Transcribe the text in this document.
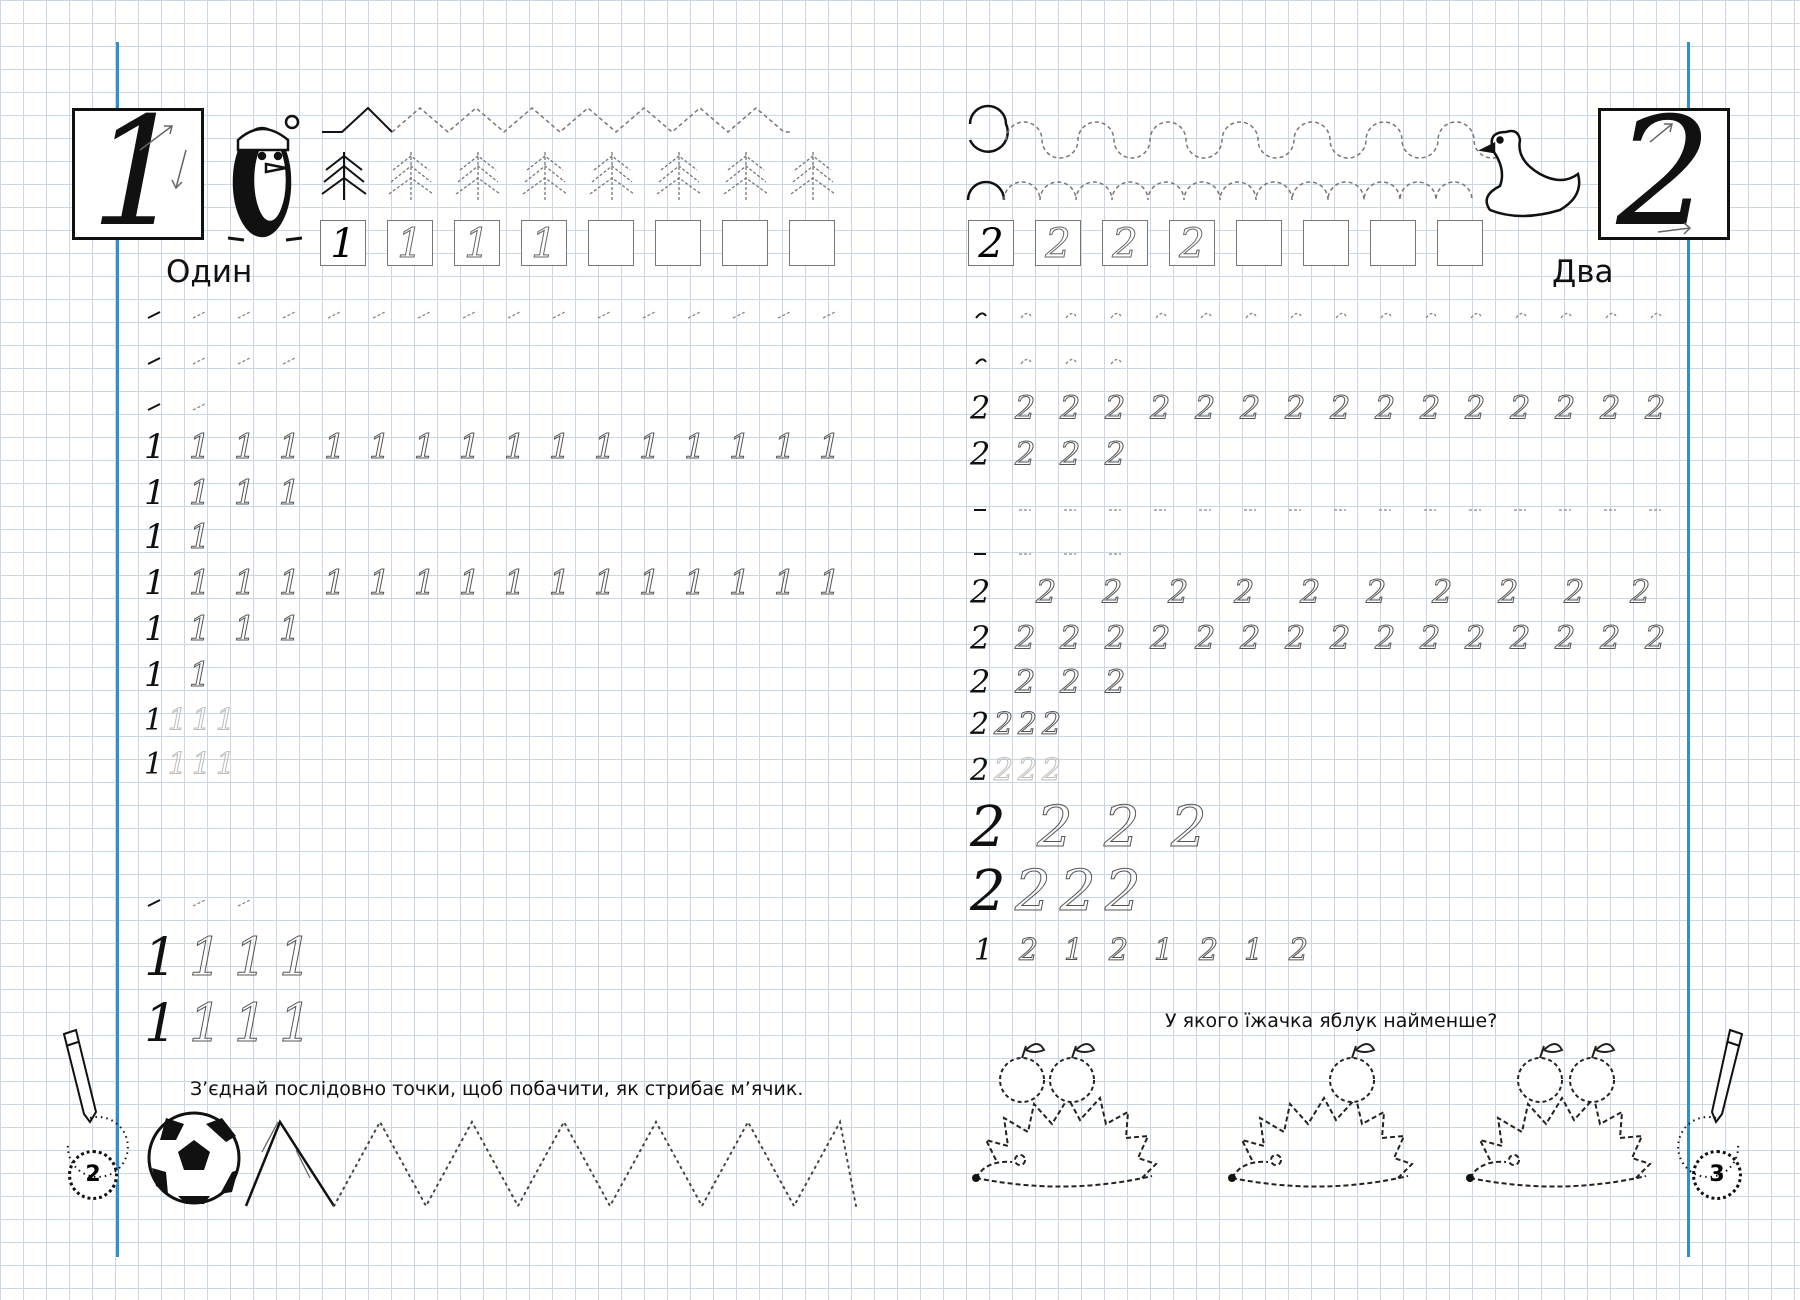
1
Один
2
Два
З’єднай послідовно точки, щоб побачити, як стрибає м’ячик.
У якого їжачка яблук найменше?
2	3
1 1 1 1	2 2 2 2
1 1 1 1 1 1 1 1 1 1 1 1 1 1 1 1
1 1 1 1
1 1
1 1 1 1 1 1 1 1 1 1 1 1 1 1 1 1
1 1 1 1
1 1
1 1 1 1
1 1 1 1
1 1 1 1
1 1 1 1
2 2 2 2 2 2 2 2 2 2 2 2 2 2 2 2
2 2 2 2
2 2 2 2 2 2 2 2 2 2 2 2 2 2 2 2
2 2 2 2
2 2 2 2
2 2 2 2
2 2 2 2
2 2 2 2
2 2 2 2 2 2 2 2 2 2 2
1 2 1 2 1 2 1 2
